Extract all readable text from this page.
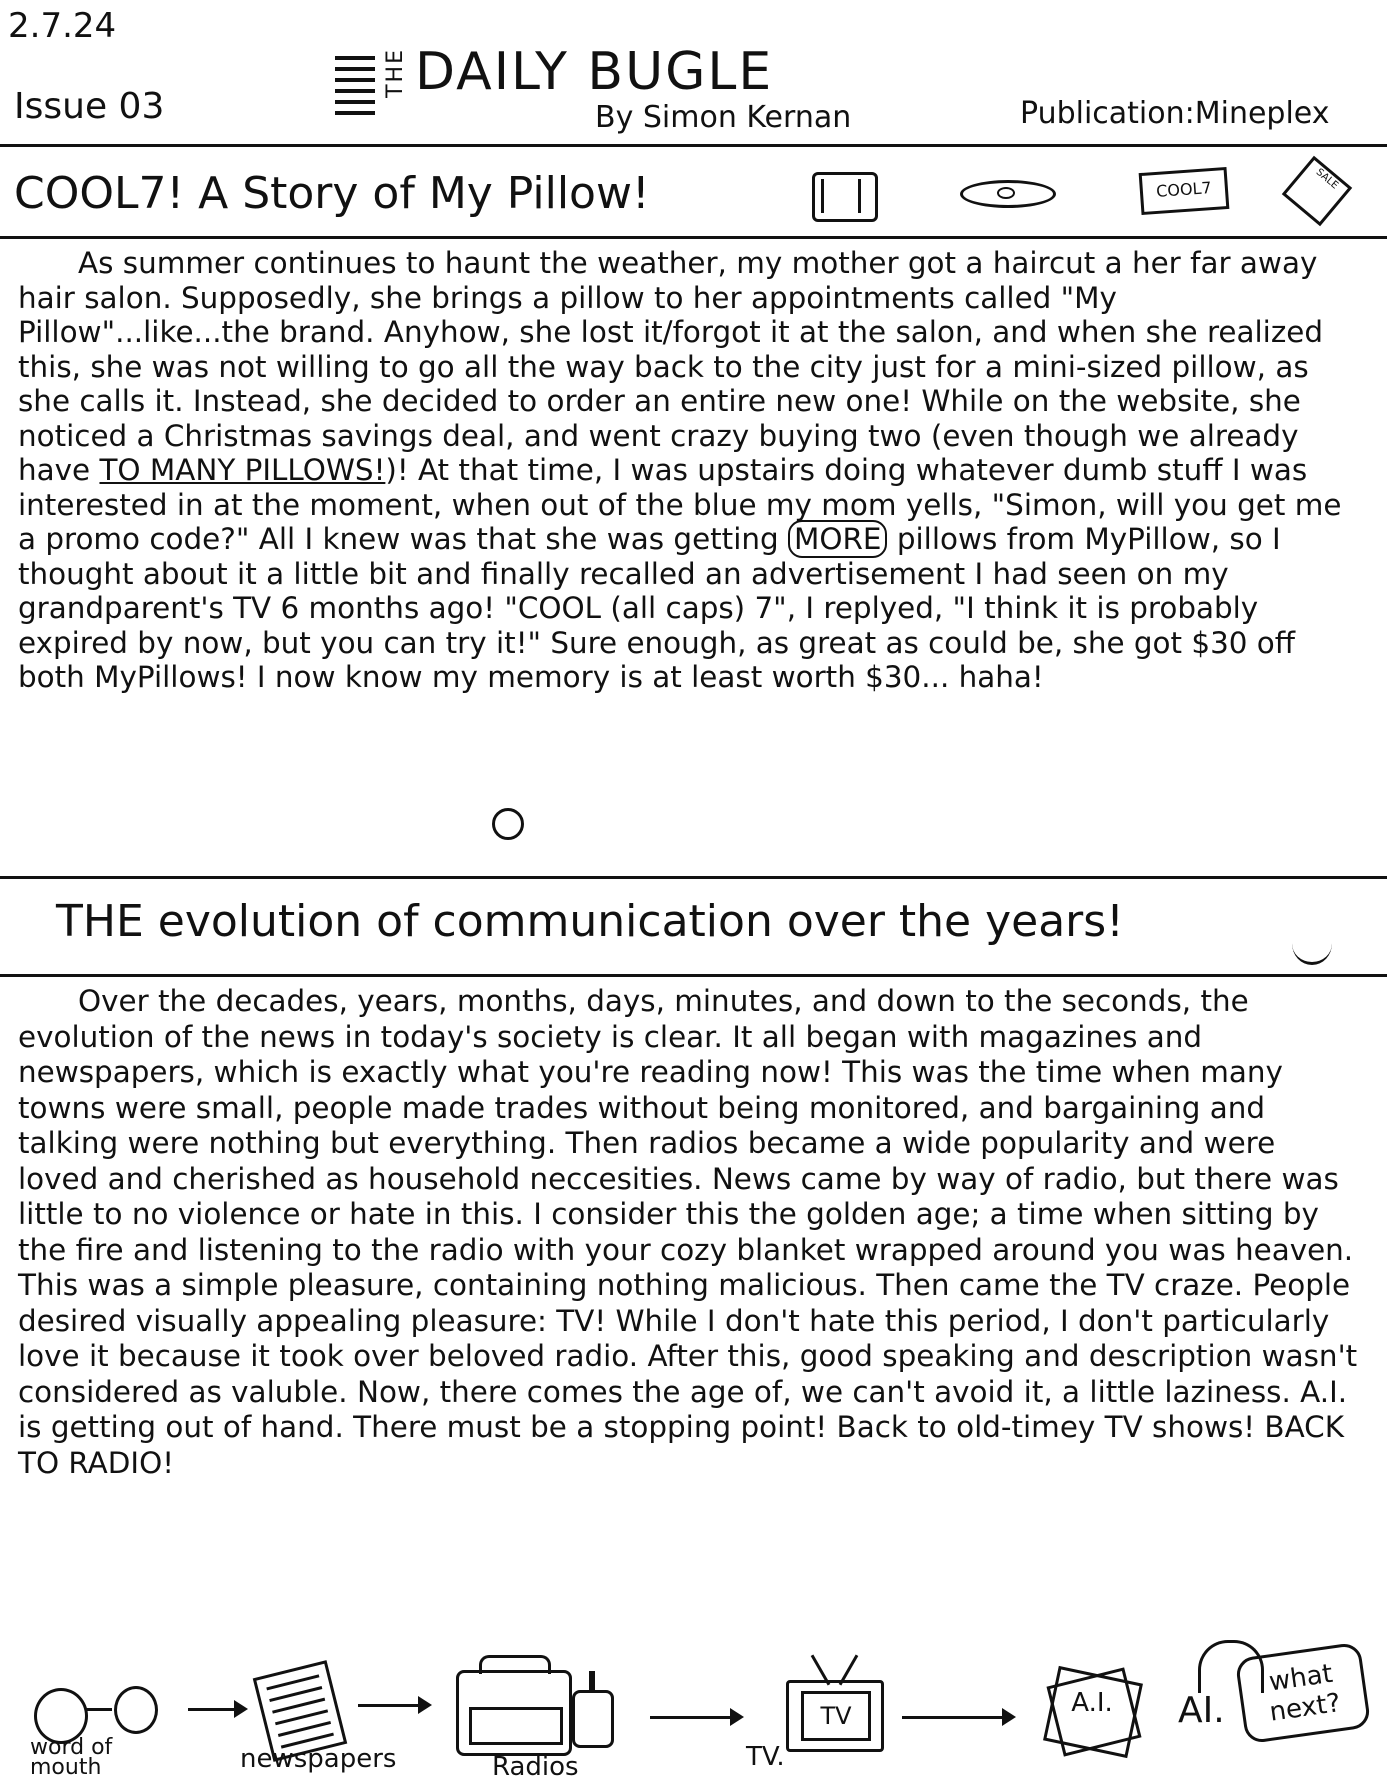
2.7.24
Issue 03
THE DAILY BUGLE
By Simon Kernan	Publication:Mineplex
COOL7! A Story of My Pillow!	COOL7	SALE

As summer continues to haunt the weather, my mother got a haircut a her far away hair salon. Supposedly, she brings a pillow to her appointments called "My Pillow"...like...the brand. Anyhow, she lost it/forgot it at the salon, and when she realized this, she was not willing to go all the way back to the city just for a mini-sized pillow, as she calls it. Instead, she decided to order an entire new one! While on the website, she noticed a Christmas savings deal, and went crazy buying two (even though we already have TO MANY PILLOWS!)! At that time, I was upstairs doing whatever dumb stuff I was interested in at the moment, when out of the blue my mom yells, "Simon, will you get me a promo code?" All I knew was that she was getting MORE pillows from MyPillow, so I thought about it a little bit and finally recalled an advertisement I had seen on my grandparent's TV 6 months ago! "COOL (all caps) 7", I replyed, "I think it is probably expired by now, but you can try it!" Sure enough, as great as could be, she got $30 off both MyPillows! I now know my memory is at least worth $30... haha!

THE evolution of communication over the years!

Over the decades, years, months, days, minutes, and down to the seconds, the evolution of the news in today's society is clear. It all began with magazines and newspapers, which is exactly what you're reading now! This was the time when many towns were small, people made trades without being monitored, and bargaining and talking were nothing but everything. Then radios became a wide popularity and were loved and cherished as household neccesities. News came by way of radio, but there was little to no violence or hate in this. I consider this the golden age; a time when sitting by the fire and listening to the radio with your cozy blanket wrapped around you was heaven. This was a simple pleasure, containing nothing malicious. Then came the TV craze. People desired visually appealing pleasure: TV! While I don't hate this period, I don't particularly love it because it took over beloved radio. After this, good speaking and description wasn't considered as valuble. Now, there comes the age of, we can't avoid it, a little laziness. A.I. is getting out of hand. There must be a stopping point! Back to old-timey TV shows! BACK TO RADIO!

word of mouth	newspapers	Radios
TV
TV.
A.I.	AI.
what next?
